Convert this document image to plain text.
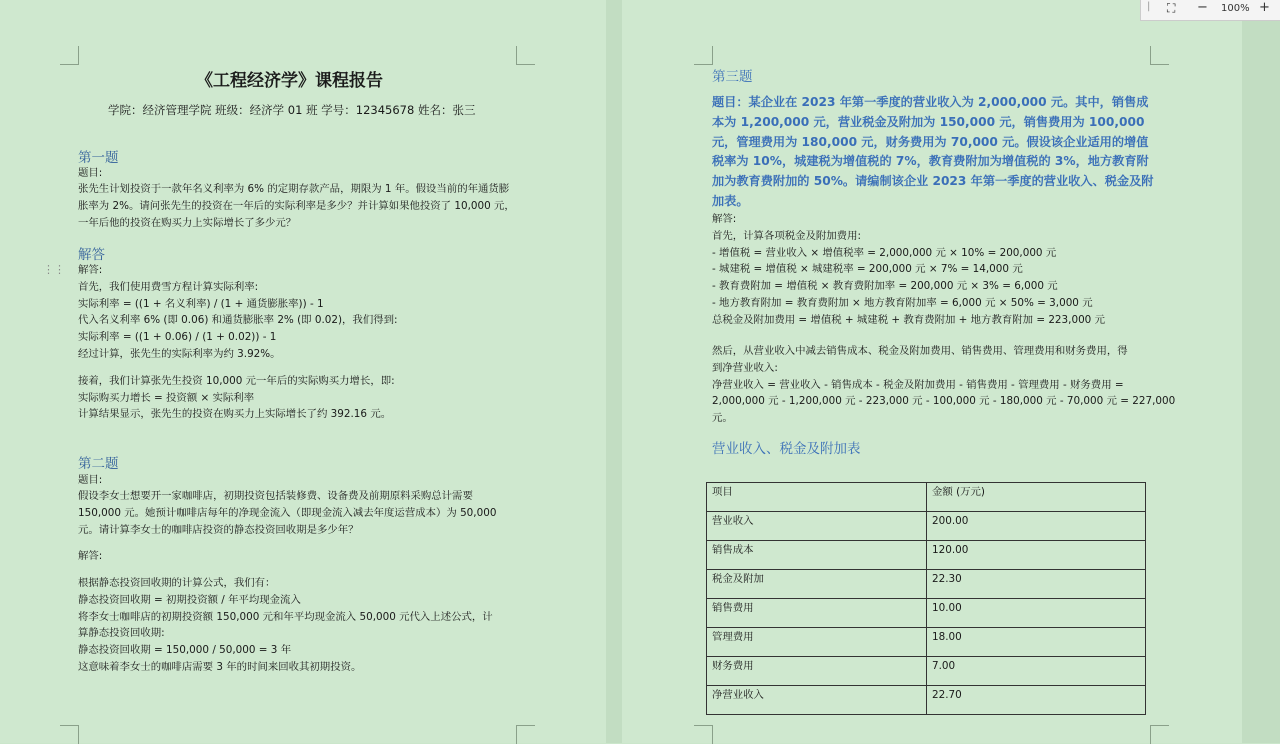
| ⛶ − 100% +
⋮⋮
《工程经济学》课程报告
学院：经济管理学院 班级：经济学 01 班 学号：12345678 姓名：张三
第一题
题目:
张先生计划投资于一款年名义利率为 6% 的定期存款产品，期限为 1 年。假设当前的年通货膨胀率为 2%。请问张先生的投资在一年后的实际利率是多少？并计算如果他投资了 10,000 元，一年后他的投资在购买力上实际增长了多少元？
解答
解答:
首先，我们使用费雪方程计算实际利率:
实际利率 = ((1 + 名义利率) / (1 + 通货膨胀率)) - 1
代入名义利率 6% (即 0.06) 和通货膨胀率 2% (即 0.02)，我们得到:
实际利率 = ((1 + 0.06) / (1 + 0.02)) - 1
经过计算，张先生的实际利率为约 3.92%。
接着，我们计算张先生投资 10,000 元一年后的实际购买力增长，即:
实际购买力增长 = 投资额 × 实际利率
计算结果显示，张先生的投资在购买力上实际增长了约 392.16 元。
第二题
题目:
假设李女士想要开一家咖啡店，初期投资包括装修费、设备费及前期原料采购总计需要 150,000 元。她预计咖啡店每年的净现金流入（即现金流入减去年度运营成本）为 50,000 元。请计算李女士的咖啡店投资的静态投资回收期是多少年？
解答:
根据静态投资回收期的计算公式，我们有：
静态投资回收期 = 初期投资额 / 年平均现金流入
将李女士咖啡店的初期投资额 150,000 元和年平均现金流入 50,000 元代入上述公式，计
算静态投资回收期:
静态投资回收期 = 150,000 / 50,000 = 3 年
这意味着李女士的咖啡店需要 3 年的时间来回收其初期投资。
第三题
题目：某企业在 2023 年第一季度的营业收入为 2,000,000 元。其中，销售成本为 1,200,000 元，营业税金及附加为 150,000 元，销售费用为 100,000 元，管理费用为 180,000 元，财务费用为 70,000 元。假设该企业适用的增值税率为 10%，城建税为增值税的 7%，教育费附加为增值税的 3%，地方教育附加为教育费附加的 50%。请编制该企业 2023 年第一季度的营业收入、税金及附加表。
解答:
首先，计算各项税金及附加费用:
- 增值税 = 营业收入 × 增值税率 = 2,000,000 元 × 10% = 200,000 元
- 城建税 = 增值税 × 城建税率 = 200,000 元 × 7% = 14,000 元
- 教育费附加 = 增值税 × 教育费附加率 = 200,000 元 × 3% = 6,000 元
- 地方教育附加 = 教育费附加 × 地方教育附加率 = 6,000 元 × 50% = 3,000 元
总税金及附加费用 = 增值税 + 城建税 + 教育费附加 + 地方教育附加 = 223,000 元
然后，从营业收入中减去销售成本、税金及附加费用、销售费用、管理费用和财务费用，得
到净营业收入:
净营业收入 = 营业收入 - 销售成本 - 税金及附加费用 - 销售费用 - 管理费用 - 财务费用 =
2,000,000 元 - 1,200,000 元 - 223,000 元 - 100,000 元 - 180,000 元 - 70,000 元 = 227,000
元。
营业收入、税金及附加表
项目	金额 (万元)
营业收入	200.00
销售成本	120.00
税金及附加	22.30
销售费用	10.00
管理费用	18.00
财务费用	7.00
净营业收入	22.70
